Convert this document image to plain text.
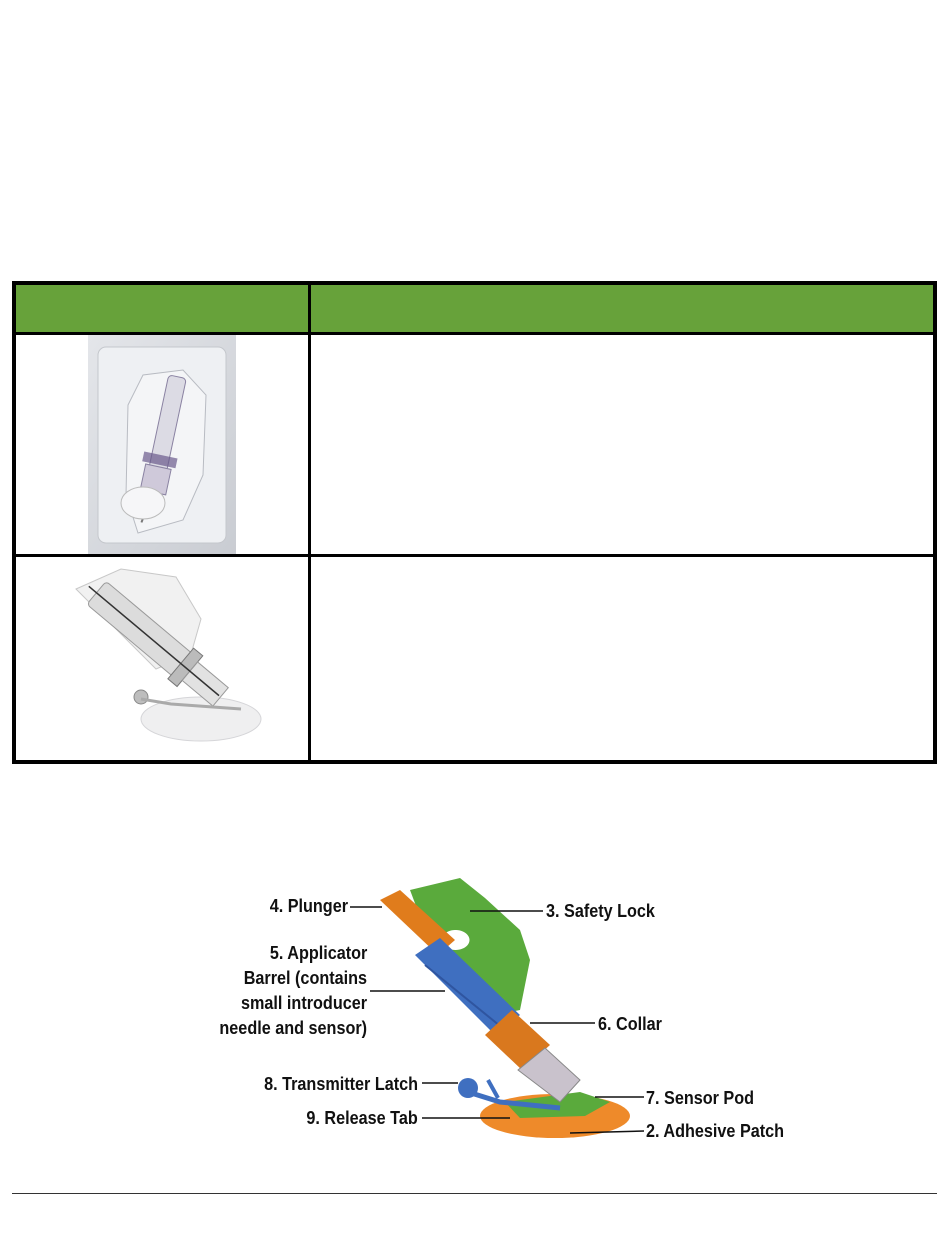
4. Plunger	3. Safety Lock
5. Applicator
Barrel (contains
small introducer
needle and sensor)	6. Collar
8. Transmitter Latch
7. Sensor Pod
9. Release Tab
2. Adhesive Patch
